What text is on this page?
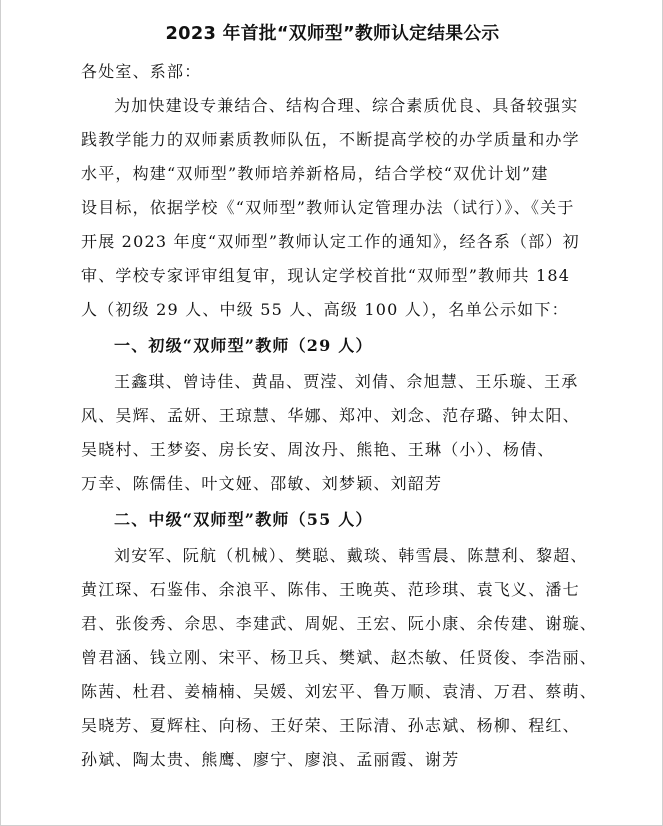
2023 年首批“双师型”教师认定结果公示
各处室、系部：
为加快建设专兼结合、结构合理、综合素质优良、具备较强实
践教学能力的双师素质教师队伍，不断提高学校的办学质量和办学
水平，构建“双师型”教师培养新格局，结合学校“双优计划”建
设目标，依据学校《“双师型”教师认定管理办法（试行）》、《关于
开展 2023 年度“双师型”教师认定工作的通知》，经各系（部）初
审、学校专家评审组复审，现认定学校首批“双师型”教师共 184
人（初级 29 人、中级 55 人、高级 100 人），名单公示如下：
一、初级“双师型”教师（29 人）
王鑫琪、曾诗佳、黄晶、贾滢、刘倩、佘旭慧、王乐璇、王承
风、吴辉、孟妍、王琼慧、华娜、郑冲、刘念、范存璐、钟太阳、
吴晓村、王梦姿、房长安、周汝丹、熊艳、王琳（小）、杨倩、
万幸、陈儒佳、叶文娅、邵敏、刘梦颖、刘韶芳
二、中级“双师型”教师（55 人）
刘安军、阮航（机械）、樊聪、戴琰、韩雪晨、陈慧利、黎超、
黄江琛、石鉴伟、余浪平、陈伟、王晚英、范珍琪、袁飞义、潘七
君、张俊秀、佘思、李建武、周妮、王宏、阮小康、余传建、谢璇、
曾君涵、钱立刚、宋平、杨卫兵、樊斌、赵杰敏、任贤俊、李浩丽、
陈茜、杜君、姜楠楠、吴媛、刘宏平、鲁万顺、袁清、万君、蔡萌、
吴晓芳、夏辉柱、向杨、王好荣、王际清、孙志斌、杨柳、程红、
孙斌、陶太贵、熊鹰、廖宁、廖浪、孟丽霞、谢芳
